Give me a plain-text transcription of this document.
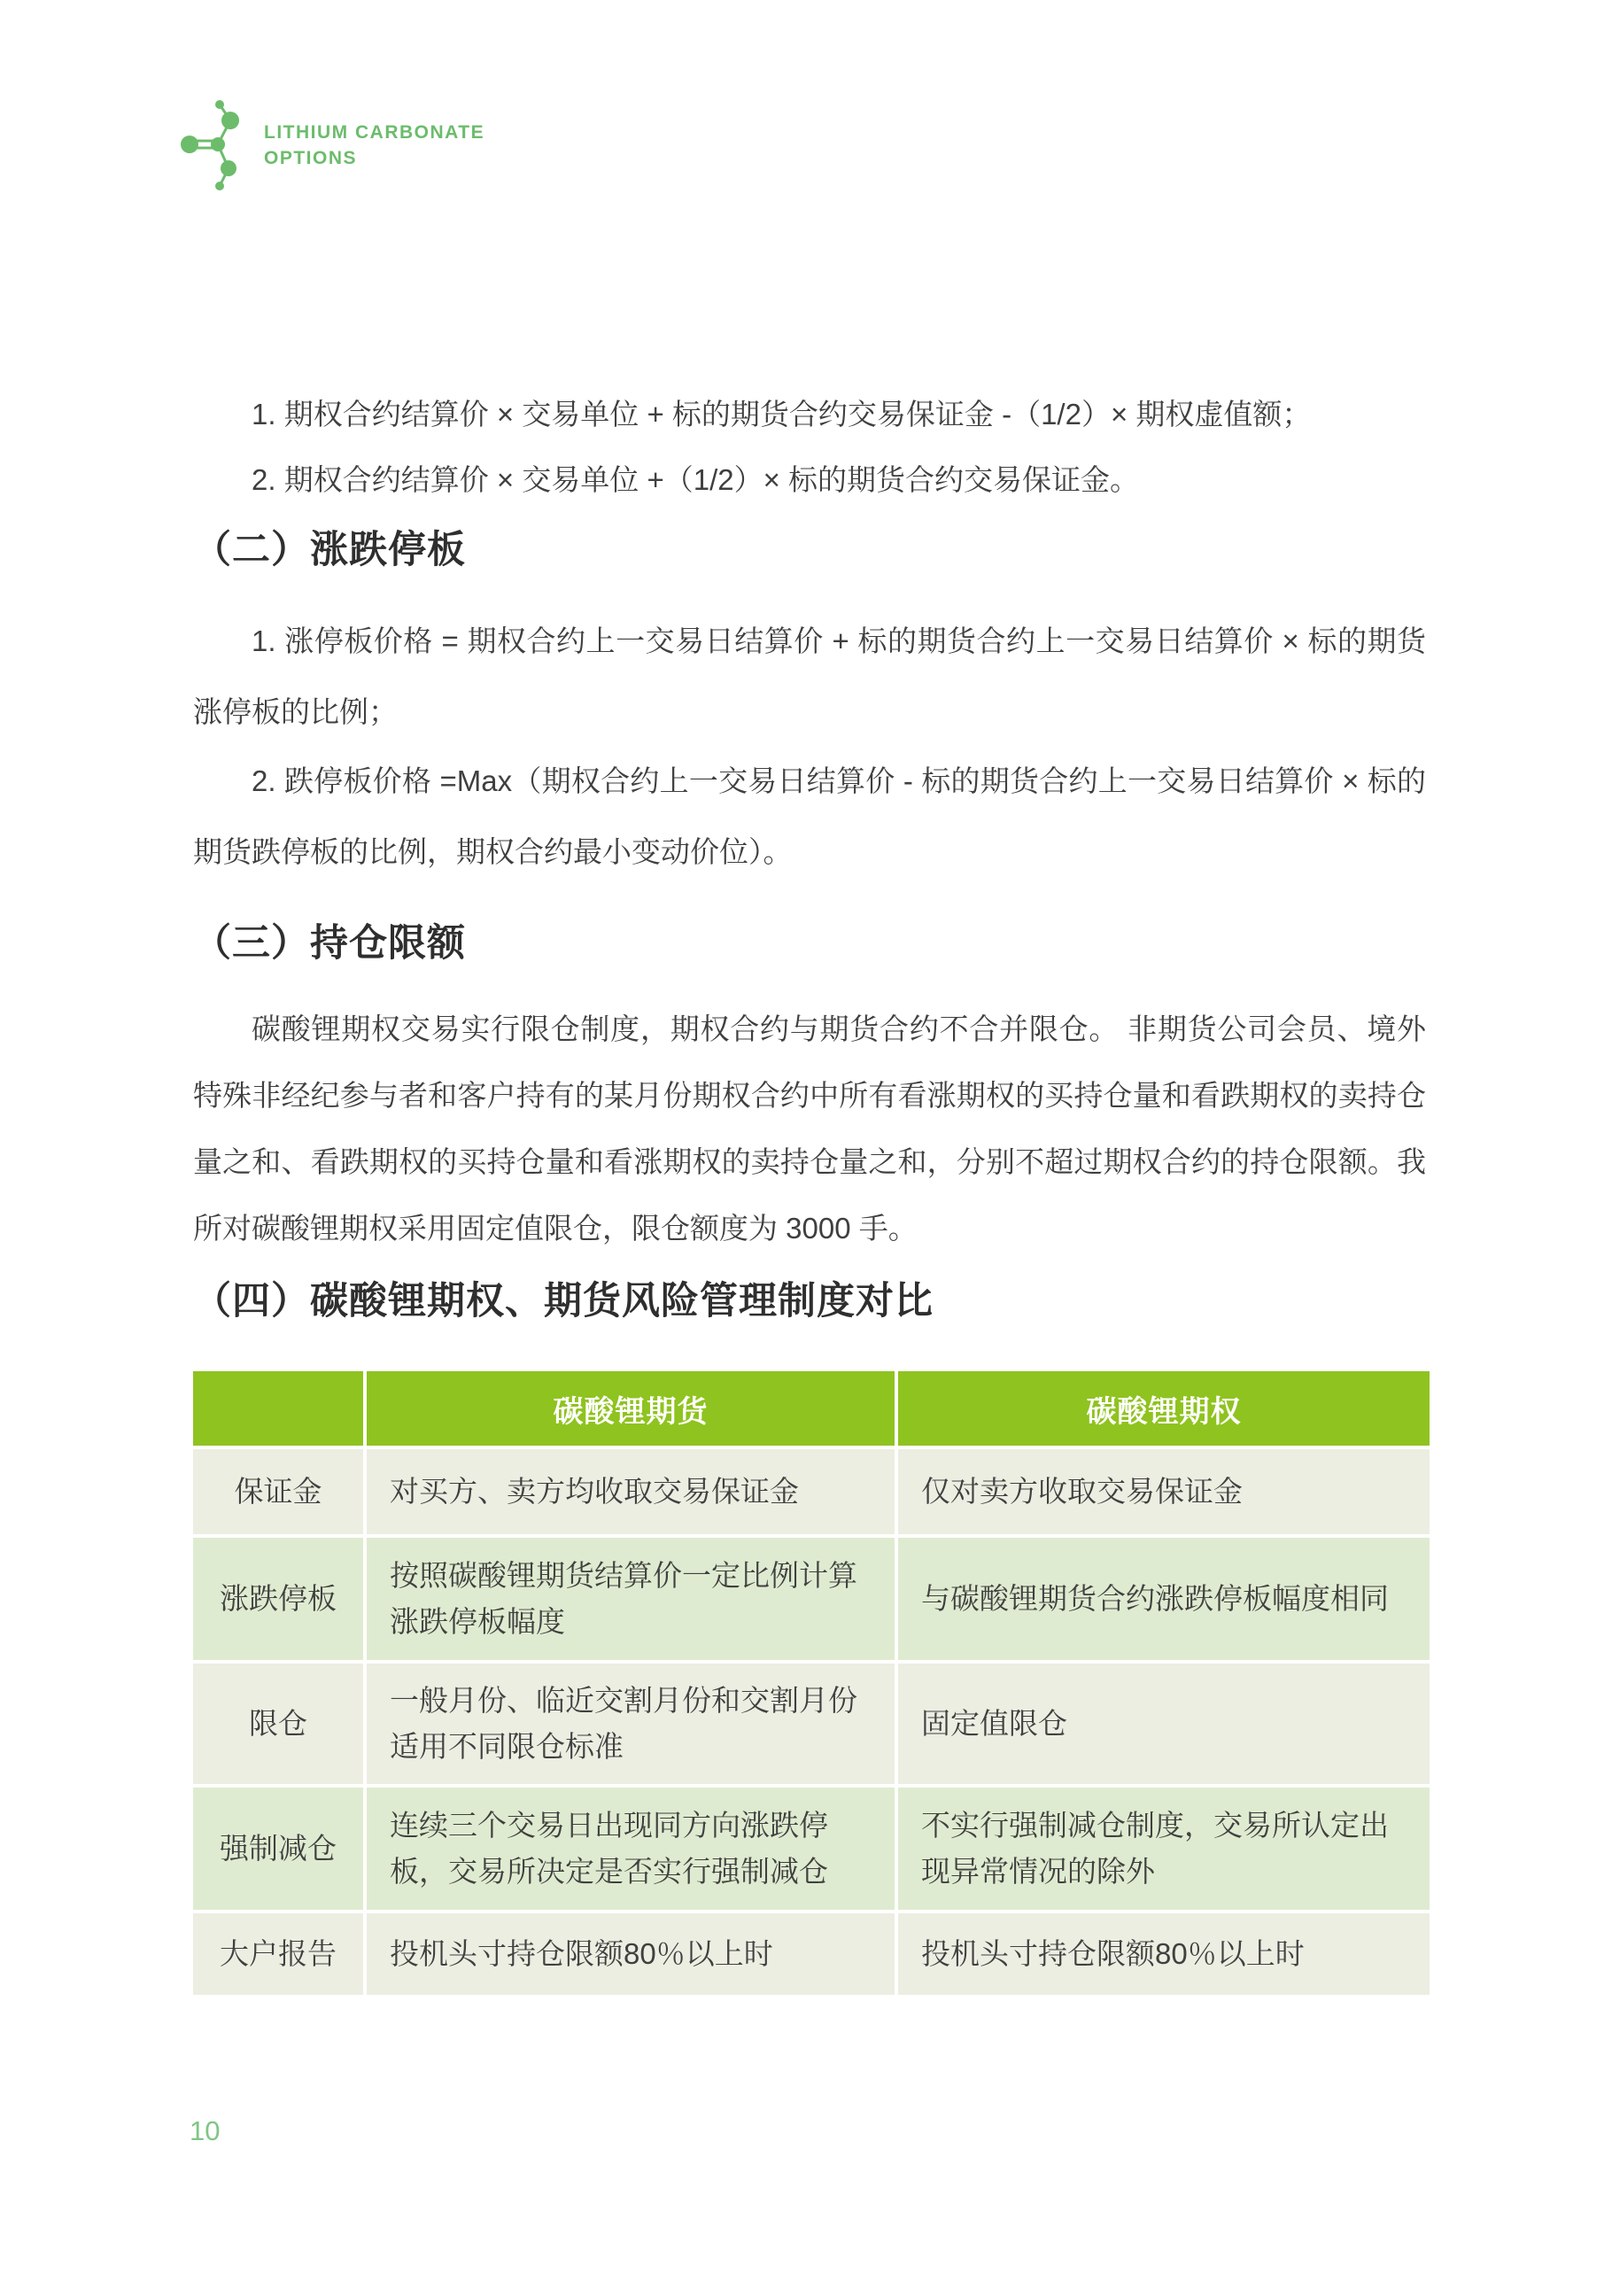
LITHIUM CARBONATE
OPTIONS

1. 期权合约结算价 × 交易单位 + 标的期货合约交易保证金 -（1/2）× 期权虚值额；

2. 期权合约结算价 × 交易单位 +（1/2）× 标的期货合约交易保证金。

（二）涨跌停板

1. 涨停板价格 = 期权合约上一交易日结算价 + 标的期货合约上一交易日结算价 × 标的期货涨停板的比例；

2. 跌停板价格 =Max（期权合约上一交易日结算价 - 标的期货合约上一交易日结算价 × 标的期货跌停板的比例，期权合约最小变动价位）。

（三）持仓限额

碳酸锂期权交易实行限仓制度，期权合约与期货合约不合并限仓。 非期货公司会员、境外特殊非经纪参与者和客户持有的某月份期权合约中所有看涨期权的买持仓量和看跌期权的卖持仓量之和、看跌期权的买持仓量和看涨期权的卖持仓量之和，分别不超过期权合约的持仓限额。我所对碳酸锂期权采用固定值限仓，限仓额度为 3000 手。

（四）碳酸锂期权、期货风险管理制度对比
	碳酸锂期货	碳酸锂期权
保证金	对买方、卖方均收取交易保证金	仅对卖方收取交易保证金
涨跌停板	按照碳酸锂期货结算价一定比例计算涨跌停板幅度	与碳酸锂期货合约涨跌停板幅度相同
限仓	一般月份、临近交割月份和交割月份适用不同限仓标准	固定值限仓
强制减仓	连续三个交易日出现同方向涨跌停板，交易所决定是否实行强制减仓	不实行强制减仓制度，交易所认定出现异常情况的除外
大户报告	投机头寸持仓限额80％以上时	投机头寸持仓限额80％以上时
10
